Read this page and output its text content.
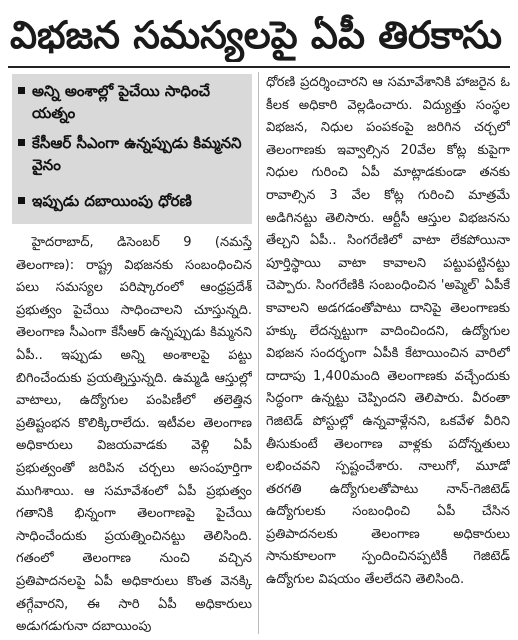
విభజన సమస్యలపై ఏపీ తిరకాసు
అన్ని అంశాల్లో పైచేయి సాధించే యత్నం
కేసీఆర్ సీఎంగా ఉన్నప్పుడు కిమ్మనని వైనం
ఇప్పుడు దబాయింపు ధోరణి

హైదరాబాద్, డిసెంబర్ 9 (నమస్తే తెలంగాణ): రాష్ట్ర విభజనకు సంబంధించిన పలు సమస్యల పరిష్కారంలో ఆంధ్రప్రదేశ్ ప్రభుత్వం పైచేయి సాధించాలని చూస్తున్నది. తెలంగాణ సీఎంగా కేసీఆర్ ఉన్నప్పుడు కిమ్మనని ఏపీ.. ఇప్పుడు అన్ని అంశాలపై పట్టు బిగించేందుకు ప్రయత్నిస్తున్నది. ఉమ్మడి ఆస్తుల్లో వాటాలు, ఉద్యోగుల పంపిణీలో తలెత్తిన ప్రతిష్టంభన కొలిక్కిరాలేదు. ఇటీవల తెలంగాణ అధికారులు విజయవాడకు వెళ్లి ఏపీ ప్రభుత్వంతో జరిపిన చర్చలు అసంపూర్తిగా ముగిశాయి. ఆ సమావేశంలో ఏపీ ప్రభుత్వం గతానికి భిన్నంగా తెలంగాణపై పైచేయి సాధించేందుకు ప్రయత్నించినట్టు తెలిసింది. గతంలో తెలంగాణ నుంచి వచ్చిన ప్రతిపాదనలపై ఏపీ అధికారులు కొంత వెనక్కి తగ్గేవారని, ఈ సారి ఏపీ అధికారులు అడుగడుగునా దబాయింపు

ధోరణి ప్రదర్శించారని ఆ సమావేశానికి హాజరైన ఓ కీలక అధికారి వెల్లడించారు. విద్యుత్తు సంస్థల విభజన, నిధుల పంపకంపై జరిగిన చర్చలో తెలంగాణకు ఇవ్వాల్సిన 20వేల కోట్ల కుపైగా నిధుల గురించి ఏపీ మాట్లాడకుండా తనకు రావాల్సిన 3 వేల కోట్ల గురించి మాత్రమే అడిగినట్టు తెలిసారు. ఆర్టీసీ ఆస్తుల విభజనను తేల్చని ఏపీ.. సింగరేణిలో వాటా లేకపోయినా పూర్తిస్థాయి వాటా కావాలని పట్టుపట్టినట్టు చెప్పారు. సింగరేణికి సంబంధించిన 'అప్మెల్' ఏపీకే కావాలని అడగడంతోపాటు దానిపై తెలంగాణకు హక్కు లేదన్నట్టుగా వాదించిందని, ఉద్యోగుల విభజన సందర్భంగా ఏపీకి కేటాయించిన వారిలో దాదాపు 1,400మంది తెలంగాణకు వచ్చేందుకు సిద్ధంగా ఉన్నట్టు చెప్పిందని తెలిపారు. వీరంతా గెజిటెడ్ పోస్టుల్లో ఉన్నవాళ్లేనని, ఒకవేళ వీరిని తీసుకుంటే తెలంగాణ వాళ్లకు పదోన్నతులు లభించవని స్పష్టంచేశారు. నాలుగో, మూడో తరగతి ఉద్యోగులతోపాటు నాన్-గెజిటెడ్ ఉద్యోగులకు సంబంధించి ఏపీ చేసిన ప్రతిపాదనలకు తెలంగాణ అధికారులు సానుకూలంగా స్పందించినప్పటికీ గెజిటెడ్ ఉద్యోగుల విషయం తేలలేదని తెలిసింది.
